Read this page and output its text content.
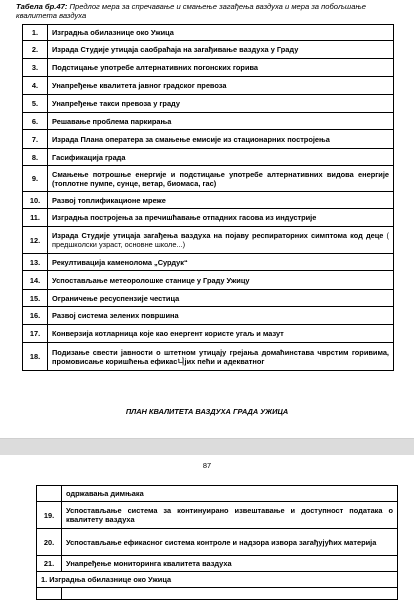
Табела бр.47: Предлог мера за спречавање и смањење загађења ваздуха и мера за побољшање квалитета ваздуха
1.	Изградња обилазнице око Ужица
2.	Израда Студије утицаја саобраћаја на загађивање ваздуха у Граду
3.	Подстицање употребе алтернативних погонских горива
4.	Унапређење квалитета јавног градског превоза
5.	Унапређење такси превоза у граду
6.	Решавање проблема паркирања
7.	Израда Плана оператера за смањење емисије из стационарних постројења
8.	Гасификација града
9.	Смањење потрошње енергије и подстицање употребе алтернативних видова енергије (топлотне пумпе, сунце, ветар, биомаса, гас)
10.	Развој топлификационе мреже
11.	Изградња постројења за пречишћавање отпадних гасова из индустрије
12.	Израда Студије утицаја загађења ваздуха на појаву респираторних симптома код деце ( предшколски узраст, основне школе...)
13.	Рекултивација каменолома „Сурдук“
14.	Успостављање метеоролошке станице у Граду Ужицу
15.	Ограничење ресуспензије честица
16.	Развој система зелених површина
17.	Конверзија котларница које као енергент користе угаљ и мазут
18.	Подизање свести јавности о штетном утицају грејања домаћинстава чврстим горивима, промовисање коришћења ефикас니јих пећи и адекватног
ПЛАН КВАЛИТЕТА ВАЗДУХА ГРАДА УЖИЦА
87
	одржавања димњака
19.	Успостављање система за континуирано извештавање и доступност података о квалитету ваздуха
20.	Успостављање ефикасног система контроле и надзора извора загађујућих материја
21.	Унапређење мониторинга квалитета ваздуха
1. Изградња обилазнице око Ужица	
